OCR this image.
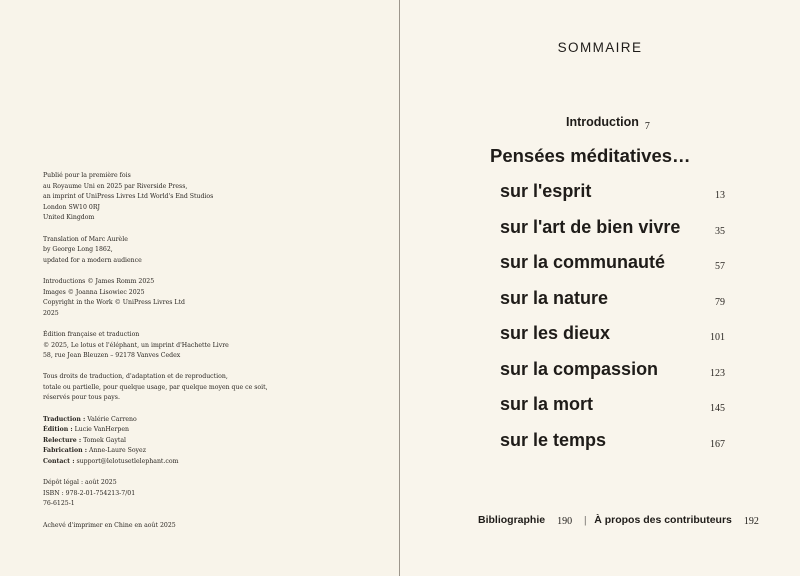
Publié pour la première fois
au Royaume Uni en 2025 par Riverside Press,
an imprint of UniPress Livres Ltd World's End Studios
London SW10 0RJ
United Kingdom
Translation of Marc Aurèle
by George Long 1862,
updated for a modern audience
Introductions © James Romm 2025
Images © Joanna Lisowiec 2025
Copyright in the Work © UniPress Livres Ltd
2025
Édition française et traduction
© 2025, Le lotus et l'éléphant, un imprint d'Hachette Livre
58, rue Jean Bleuzen – 92178 Vanves Cedex
Tous droits de traduction, d'adaptation et de reproduction,
totale ou partielle, pour quelque usage, par quelque moyen que ce soit,
réservés pour tous pays.
Traduction : Valérie Carreno
Édition : Lucie VanHerpen
Relecture : Tomek Gaytal
Fabrication : Anne-Laure Soyez
Contact : support@lelotusetlelephant.com
Dépôt légal : août 2025
ISBN : 978-2-01-754213-7/01
76-6125-1
Achevé d'imprimer en Chine en août 2025
SOMMAIRE
Introduction $_7$
Pensées méditatives…
sur l'esprit	13
sur l'art de bien vivre	35
sur la communauté	57
sur la nature	79
sur les dieux	101
sur la compassion	123
sur la mort	145
sur le temps	167
Bibliographie 190 | À propos des contributeurs 192
